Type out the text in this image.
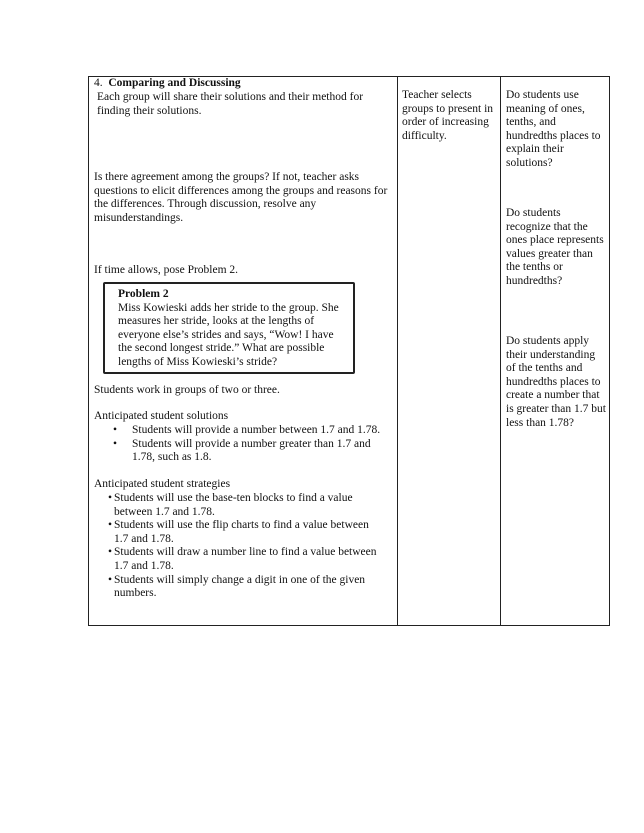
4. Comparing and Discussing

Each group will share their solutions and their method for finding their solutions.

Is there agreement among the groups? If not, teacher asks questions to elicit differences among the groups and reasons for the differences. Through discussion, resolve any misunderstandings.

If time allows, pose Problem 2.

Problem 2

Miss Kowieski adds her stride to the group. She measures her stride, looks at the lengths of everyone else’s strides and says, “Wow! I have the second longest stride.” What are possible lengths of Miss Kowieski’s stride?

Students work in groups of two or three.

Anticipated student solutions

• Students will provide a number between 1.7 and 1.78.
• Students will provide a number greater than 1.7 and 1.78, such as 1.8.

Anticipated student strategies

• Students will use the base-ten blocks to find a value between 1.7 and 1.78.
• Students will use the flip charts to find a value between 1.7 and 1.78.
• Students will draw a number line to find a value between 1.7 and 1.78.
• Students will simply change a digit in one of the given numbers.

Teacher selects groups to present in order of increasing difficulty.

Do students use meaning of ones, tenths, and hundredths places to explain their solutions?

Do students recognize that the ones place represents values greater than the tenths or hundredths?

Do students apply their understanding of the tenths and hundredths places to create a number that is greater than 1.7 but less than 1.78?
